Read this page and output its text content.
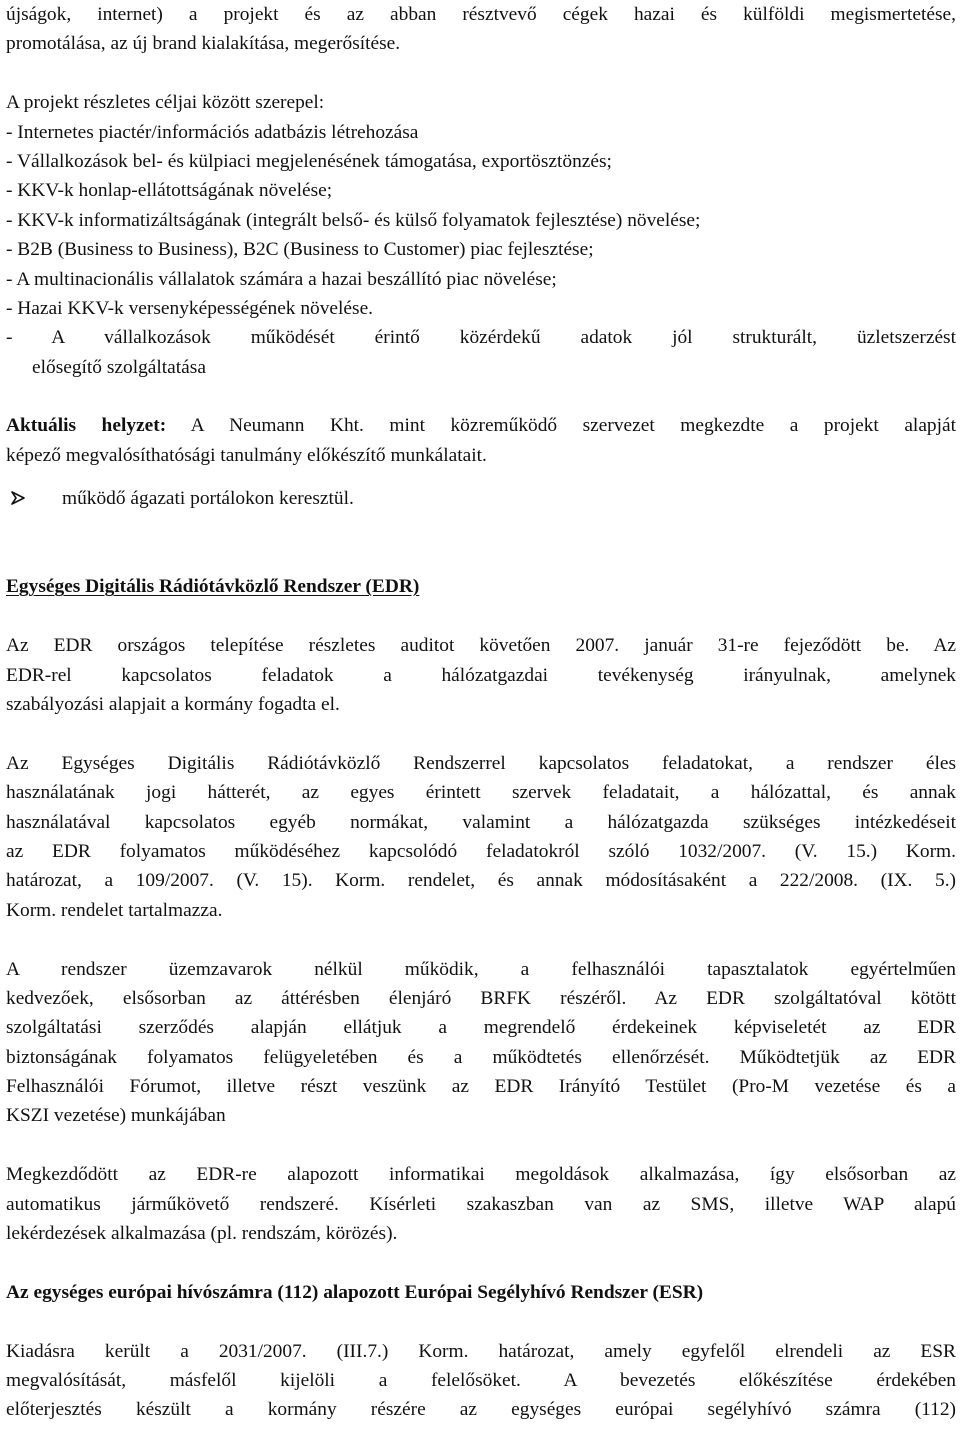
újságok, internet) a projekt és az abban résztvevő cégek hazai és külföldi megismertetése,
promotálása, az új brand kialakítása, megerősítése.
A projekt részletes céljai között szerepel:
- Internetes piactér/információs adatbázis létrehozása
- Vállalkozások bel- és külpiaci megjelenésének támogatása, exportösztönzés;
- KKV-k honlap-ellátottságának növelése;
- KKV-k informatizáltságának (integrált belső- és külső folyamatok fejlesztése) növelése;
- B2B (Business to Business), B2C (Business to Customer) piac fejlesztése;
- A multinacionális vállalatok számára a hazai beszállító piac növelése;
- Hazai KKV-k versenyképességének növelése.
- A vállalkozások működését érintő közérdekű adatok jól strukturált, üzletszerzést
elősegítő szolgáltatása
Aktuális helyzet: A Neumann Kht. mint közreműködő szervezet megkezdte a projekt alapját
képező megvalósíthatósági tanulmány előkészítő munkálatait.
működő ágazati portálokon keresztül.
Egységes Digitális Rádiótávközlő Rendszer (EDR)
Az EDR országos telepítése részletes auditot követően 2007. január 31-re fejeződött be. Az
EDR-rel kapcsolatos feladatok a hálózatgazdai tevékenység irányulnak, amelynek
szabályozási alapjait a kormány fogadta el.
Az Egységes Digitális Rádiótávközlő Rendszerrel kapcsolatos feladatokat, a rendszer éles
használatának jogi hátterét, az egyes érintett szervek feladatait, a hálózattal, és annak
használatával kapcsolatos egyéb normákat, valamint a hálózatgazda szükséges intézkedéseit
az EDR folyamatos működéséhez kapcsolódó feladatokról szóló 1032/2007. (V. 15.) Korm.
határozat, a 109/2007. (V. 15). Korm. rendelet, és annak módosításaként a 222/2008. (IX. 5.)
Korm. rendelet tartalmazza.
A rendszer üzemzavarok nélkül működik, a felhasználói tapasztalatok egyértelműen
kedvezőek, elsősorban az áttérésben élenjáró BRFK részéről. Az EDR szolgáltatóval kötött
szolgáltatási szerződés alapján ellátjuk a megrendelő érdekeinek képviseletét az EDR
biztonságának folyamatos felügyeletében és a működtetés ellenőrzését. Működtetjük az EDR
Felhasználói Fórumot, illetve részt veszünk az EDR Irányító Testület (Pro-M vezetése és a
KSZI vezetése) munkájában
Megkezdődött az EDR-re alapozott informatikai megoldások alkalmazása, így elsősorban az
automatikus járműkövető rendszeré. Kísérleti szakaszban van az SMS, illetve WAP alapú
lekérdezések alkalmazása (pl. rendszám, körözés).
Az egységes európai hívószámra (112) alapozott Európai Segélyhívó Rendszer (ESR)
Kiadásra került a 2031/2007. (III.7.) Korm. határozat, amely egyfelől elrendeli az ESR
megvalósítását, másfelől kijelöli a felelősöket. A bevezetés előkészítése érdekében
előterjesztés készült a kormány részére az egységes európai segélyhívó számra (112)
